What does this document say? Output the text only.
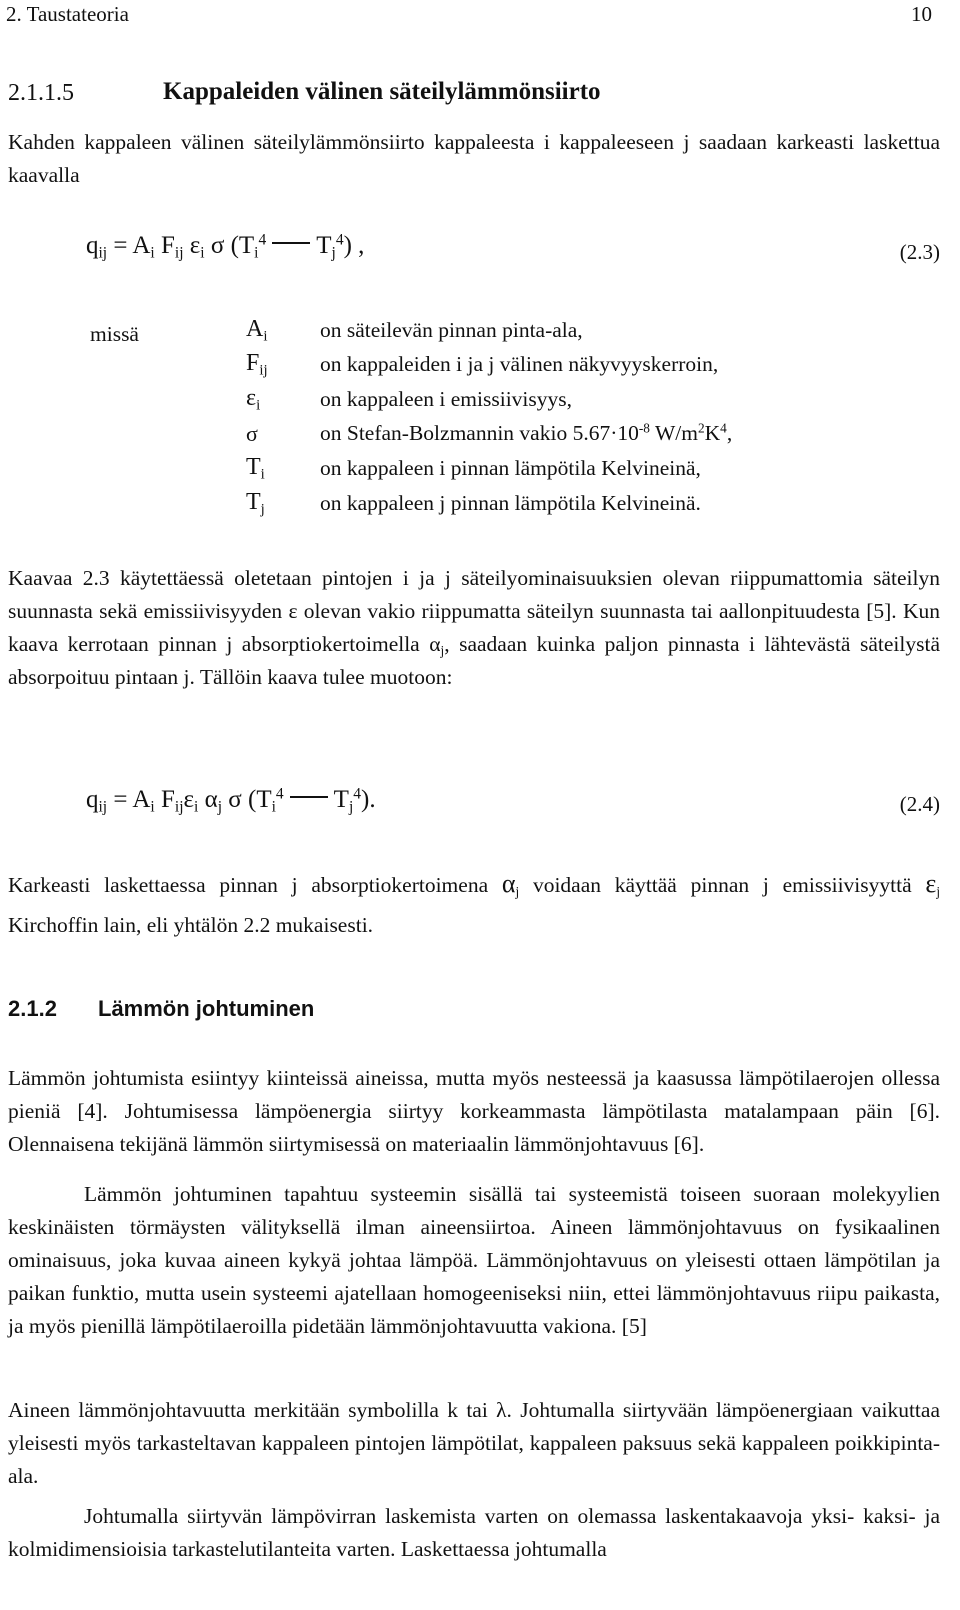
2. Taustateoria	10
2.1.1.5	Kappaleiden välinen säteilylämmönsiirto
Kahden kappaleen välinen säteilylämmönsiirto kappaleesta i kappaleeseen j saadaan karkeasti laskettua kaavalla
$q_{ij} = A_i$ $F_{ij}$ $\varepsilon_i$ σ ($T_i^4$ $T_j^4$) ,	(2.3)
missä	$A_i$ on säteilevän pinnan pinta-ala,
$F_{ij}$ on kappaleiden i ja j välinen näkyvyyskerroin,
$\varepsilon_i$	on kappaleen i emissiivisyys,
σ	on Stefan-Bolzmannin vakio $5.67\cdot 10^{-8}$ $W/m^2K^4$,
$T_i$	on kappaleen i pinnan lämpötila Kelvineinä,
$T_j$	on kappaleen j pinnan lämpötila Kelvineinä.
Kaavaa 2.3 käytettäessä oletetaan pintojen i ja j säteilyominaisuuksien olevan riippumattomia säteilyn suunnasta sekä emissiivisyyden ε olevan vakio riippumatta säteilyn suunnasta tai aallonpituudesta [5]. Kun kaava kerrotaan pinnan j absorptiokertoimella $\alpha_j$, saadaan kuinka paljon pinnasta i lähtevästä säteilystä absorpoituu pintaan j. Tällöin kaava tulee muotoon:
$q_{ij} = A_i$ $F_{ij}\varepsilon_i$ $\alpha_j$ σ ($T_i^4$ $T_j^4$).	(2.4)
Karkeasti laskettaessa pinnan j absorptiokertoimena $\alpha_j$ voidaan käyttää pinnan j emissiivisyyttä $\varepsilon_j$ Kirchoffin lain, eli yhtälön 2.2 mukaisesti.
2.1.2 Lämmön johtuminen
Lämmön johtumista esiintyy kiinteissä aineissa, mutta myös nesteessä ja kaasussa lämpötilaerojen ollessa pieniä [4]. Johtumisessa lämpöenergia siirtyy korkeammasta lämpötilasta matalampaan päin [6]. Olennaisena tekijänä lämmön siirtymisessä on materiaalin lämmönjohtavuus [6].
Lämmön johtuminen tapahtuu systeemin sisällä tai systeemistä toiseen suoraan molekyylien keskinäisten törmäysten välityksellä ilman aineensiirtoa. Aineen lämmönjohtavuus on fysikaalinen ominaisuus, joka kuvaa aineen kykyä johtaa lämpöä. Lämmönjohtavuus on yleisesti ottaen lämpötilan ja paikan funktio, mutta usein systeemi ajatellaan homogeeniseksi niin, ettei lämmönjohtavuus riipu paikasta, ja myös pienillä lämpötilaeroilla pidetään lämmönjohtavuutta vakiona. [5]
Aineen lämmönjohtavuutta merkitään symbolilla k tai λ. Johtumalla siirtyvään lämpöenergiaan vaikuttaa yleisesti myös tarkasteltavan kappaleen pintojen lämpötilat, kappaleen paksuus sekä kappaleen poikkipinta-ala.
Johtumalla siirtyvän lämpövirran laskemista varten on olemassa laskentakaavoja yksi- kaksi- ja kolmidimensioisia tarkastelutilanteita varten. Laskettaessa johtumalla
